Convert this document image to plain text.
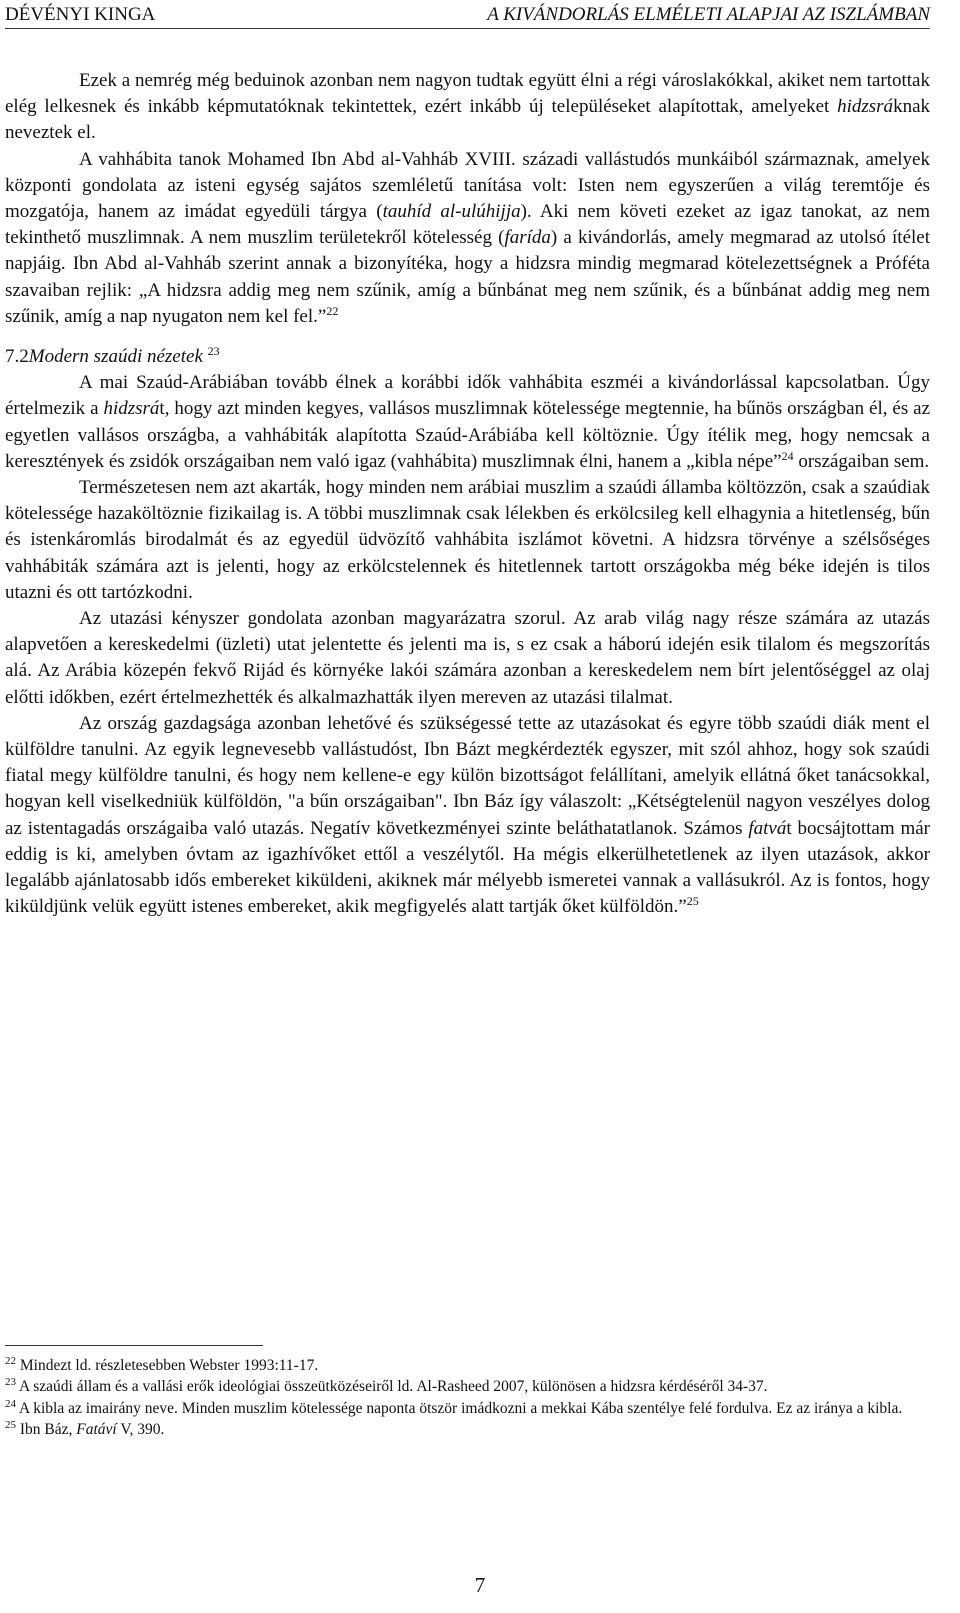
DÉVÉNYI KINGA	A KIVÁNDORLÁS ELMÉLETI ALAPJAI AZ ISZLÁMBAN

Ezek a nemrég még beduinok azonban nem nagyon tudtak együtt élni a régi városlakókkal, akiket nem tartottak elég lelkesnek és inkább képmutatóknak tekintettek, ezért inkább új településeket alapítottak, amelyeket hidzsráknak neveztek el.

A vahhábita tanok Mohamed Ibn Abd al-Vahháb XVIII. századi vallástudós munkáiból származnak, amelyek központi gondolata az isteni egység sajátos szemléletű tanítása volt: Isten nem egyszerűen a világ teremtője és mozgatója, hanem az imádat egyedüli tárgya (tauhíd al-ulúhijja). Aki nem követi ezeket az igaz tanokat, az nem tekinthető muszlimnak. A nem muszlim területekről kötelesség (farída) a kivándorlás, amely megmarad az utolsó ítélet napjáig. Ibn Abd al-Vahháb szerint annak a bizonyítéka, hogy a hidzsra mindig megmarad kötelezettségnek a Próféta szavaiban rejlik: „A hidzsra addig meg nem szűnik, amíg a bűnbánat meg nem szűnik, és a bűnbánat addig meg nem szűnik, amíg a nap nyugaton nem kel fel.”$^{22}$

7.2Modern szaúdi nézetek $^{23}$

A mai Szaúd-Arábiában tovább élnek a korábbi idők vahhábita eszméi a kivándorlással kapcsolatban. Úgy értelmezik a hidzsrát, hogy azt minden kegyes, vallásos muszlimnak kötelessége megtennie, ha bűnös országban él, és az egyetlen vallásos országba, a vahhábiták alapította Szaúd-Arábiába kell költöznie. Úgy ítélik meg, hogy nemcsak a keresztények és zsidók országaiban nem való igaz (vahhábita) muszlimnak élni, hanem a „kibla népe”$^{24}$ országaiban sem.

Természetesen nem azt akarták, hogy minden nem arábiai muszlim a szaúdi állambа költözzön, csak a szaúdiak kötelessége hazaköltöznie fizikailag is. A többi muszlimnak csak lélekben és erkölcsileg kell elhagynia a hitetlenség, bűn és istenkáromlás birodalmát és az egyedül üdvözítő vahhábita iszlámot követni. A hidzsra törvénye a szélsőséges vahhábiták számára azt is jelenti, hogy az erkölcstelennek és hitetlennek tartott országokba még béke idején is tilos utazni és ott tartózkodni.

Az utazási kényszer gondolata azonban magyarázatra szorul. Az arab világ nagy része számára az utazás alapvetően a kereskedelmi (üzleti) utat jelentette és jelenti ma is, s ez csak a háború idején esik tilalom és megszorítás alá. Az Arábia közepén fekvő Rijád és környéke lakói számára azonban a kereskedelem nem bírt jelentőséggel az olaj előtti időkben, ezért értelmezhették és alkalmazhatták ilyen mereven az utazási tilalmat.

Az ország gazdagsága azonban lehetővé és szükségessé tette az utazásokat és egyre több szaúdi diák ment el külföldre tanulni. Az egyik legnevesebb vallástudóst, Ibn Bázt megkérdezték egyszer, mit szól ahhoz, hogy sok szaúdi fiatal megy külföldre tanulni, és hogy nem kellene-e egy külön bizottságot felállítani, amelyik ellátná őket tanácsokkal, hogyan kell viselkedniük külföldön, "a bűn országaiban". Ibn Báz így válaszolt: „Kétségtelenül nagyon veszélyes dolog az istentagadás országaiba való utazás. Negatív következményei szinte beláthatatlanok. Számos fatvát bocsájtottam már eddig is ki, amelyben óvtam az igazhívőket ettől a veszélytől. Ha mégis elkerülhetetlenek az ilyen utazások, akkor legalább ajánlatosabb idős embereket kiküldeni, akiknek már mélyebb ismeretei vannak a vallásukról. Az is fontos, hogy kiküldjünk velük együtt istenes embereket, akik megfigyelés alatt tartják őket külföldön.”$^{25}$

$^{22}$ Mindezt ld. részletesebben Webster 1993:11-17.

$^{23}$ A szaúdi állam és a vallási erők ideológiai összeütközéseiről ld. Al-Rasheed 2007, különösen a hidzsra kérdéséről 34-37.

$^{24}$ A kibla az imairány neve. Minden muszlim kötelessége naponta ötször imádkozni a mekkai Kába szentélye felé fordulva. Ez az iránya a kibla.

$^{25}$ Ibn Báz, Fatáví V, 390.

7
